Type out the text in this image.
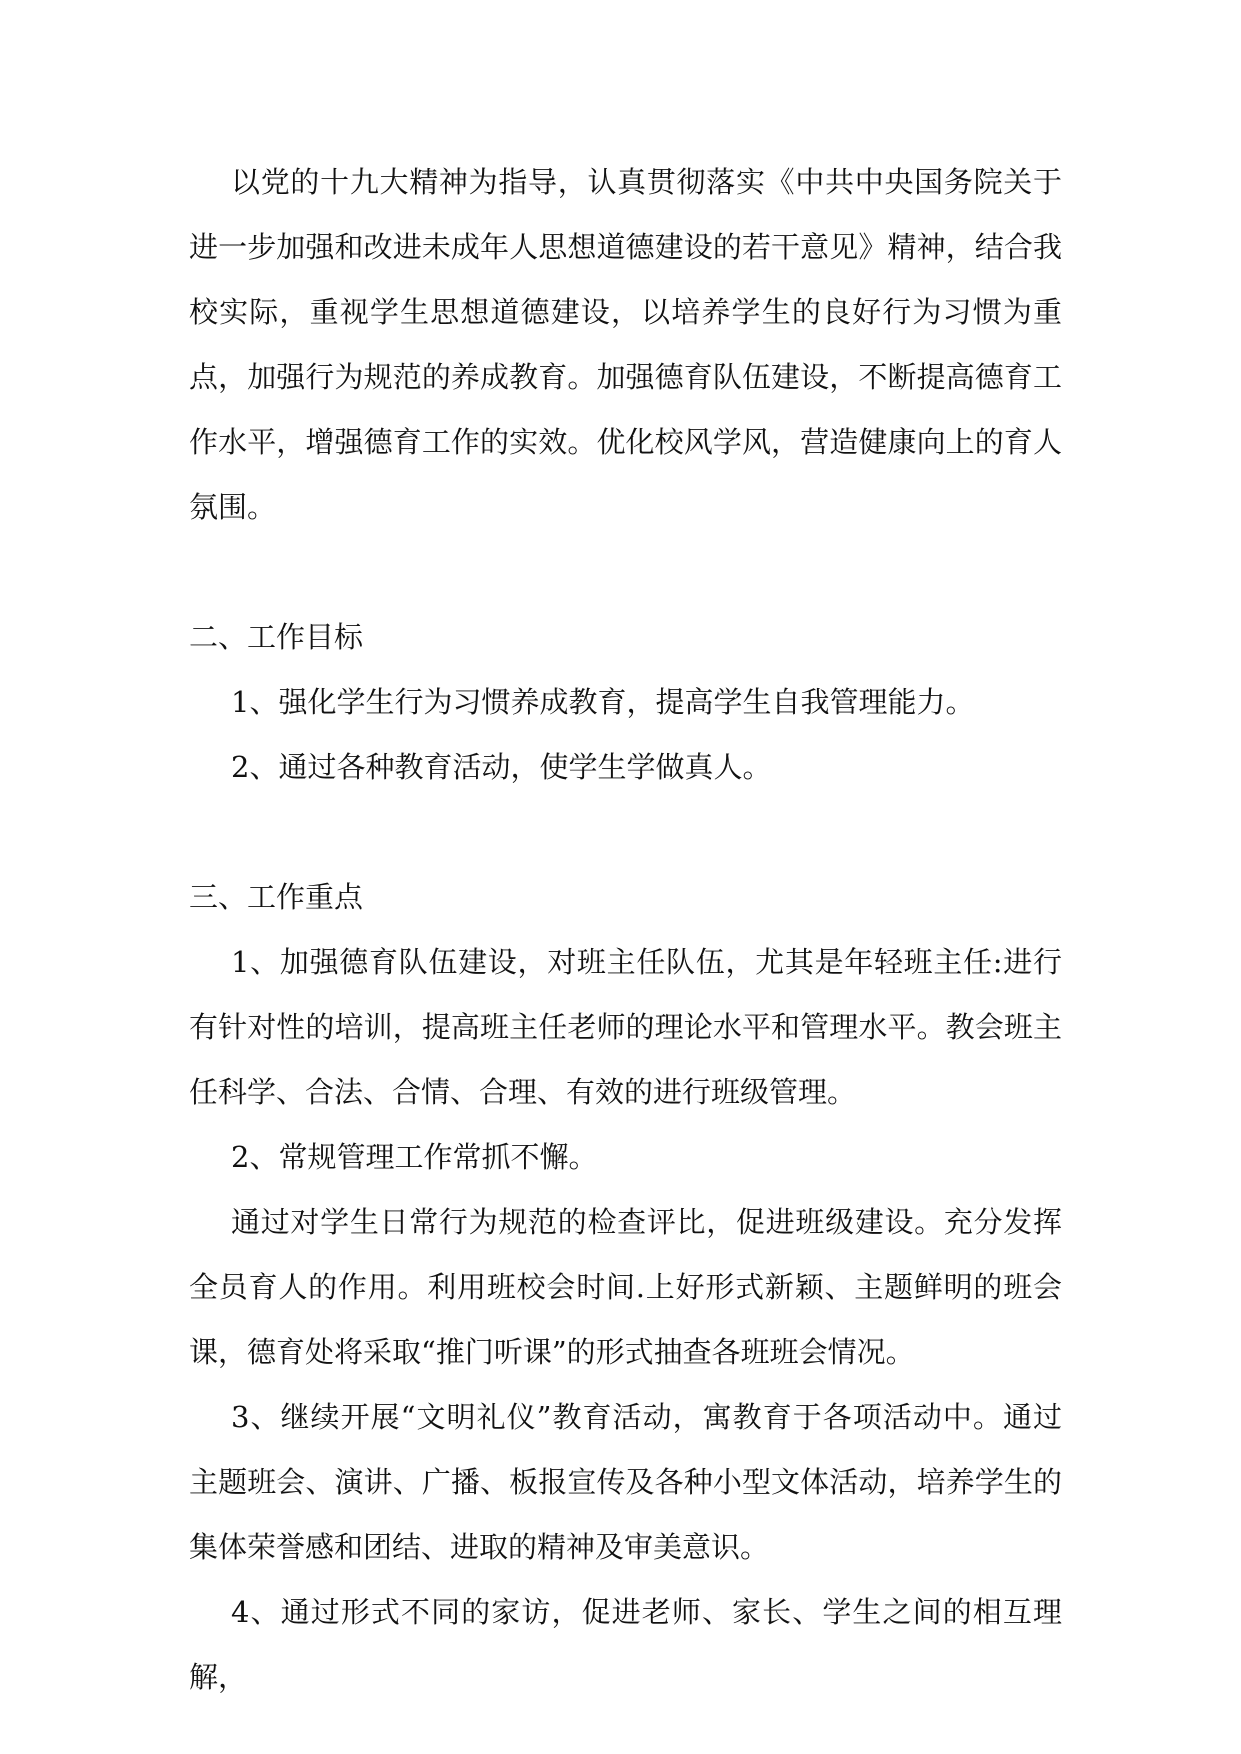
以党的十九大精神为指导，认真贯彻落实《中共中央国务院关于进一步加强和改进未成年人思想道德建设的若干意见》精神，结合我校实际，重视学生思想道德建设，以培养学生的良好行为习惯为重点，加强行为规范的养成教育。加强德育队伍建设，不断提高德育工作水平，增强德育工作的实效。优化校风学风，营造健康向上的育人氛围。

二、工作目标

1、强化学生行为习惯养成教育，提高学生自我管理能力。

2、通过各种教育活动，使学生学做真人。

三、工作重点

1、加强德育队伍建设，对班主任队伍，尤其是年轻班主任:进行有针对性的培训，提高班主任老师的理论水平和管理水平。教会班主任科学、合法、合情、合理、有效的进行班级管理。

2、常规管理工作常抓不懈。

通过对学生日常行为规范的检查评比，促进班级建设。充分发挥全员育人的作用。利用班校会时间.上好形式新颖、主题鲜明的班会课，德育处将采取“推门听课”的形式抽查各班班会情况。

3、继续开展“文明礼仪”教育活动，寓教育于各项活动中。通过主题班会、演讲、广播、板报宣传及各种小型文体活动，培养学生的集体荣誉感和团结、进取的精神及审美意识。

4、通过形式不同的家访，促进老师、家长、学生之间的相互理解，
